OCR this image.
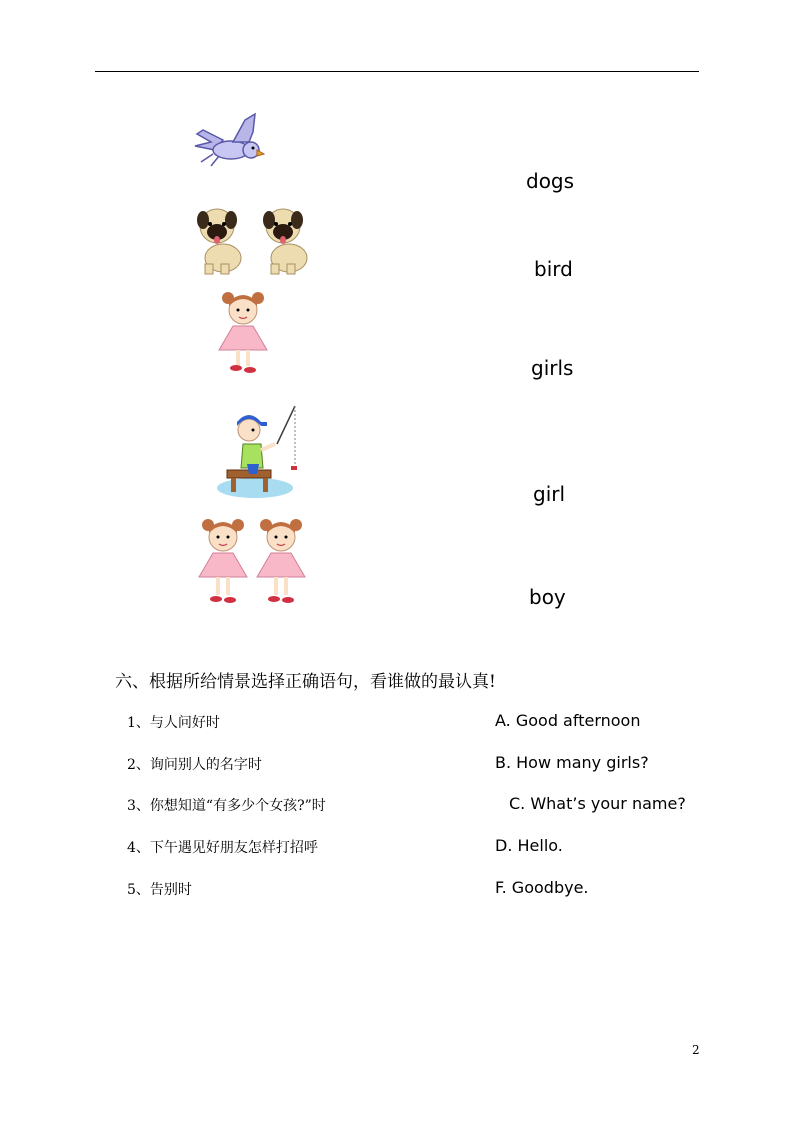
dogs
bird
girls
girl
boy
六、根据所给情景选择正确语句，看谁做的最认真!
1、与人问好时
2、询问别人的名字时
3、你想知道“有多少个女孩?”时
4、下午遇见好朋友怎样打招呼
5、告别时
A. Good afternoon
B. How many girls?
C. What’s your name?
D. Hello.
F. Goodbye.
2
